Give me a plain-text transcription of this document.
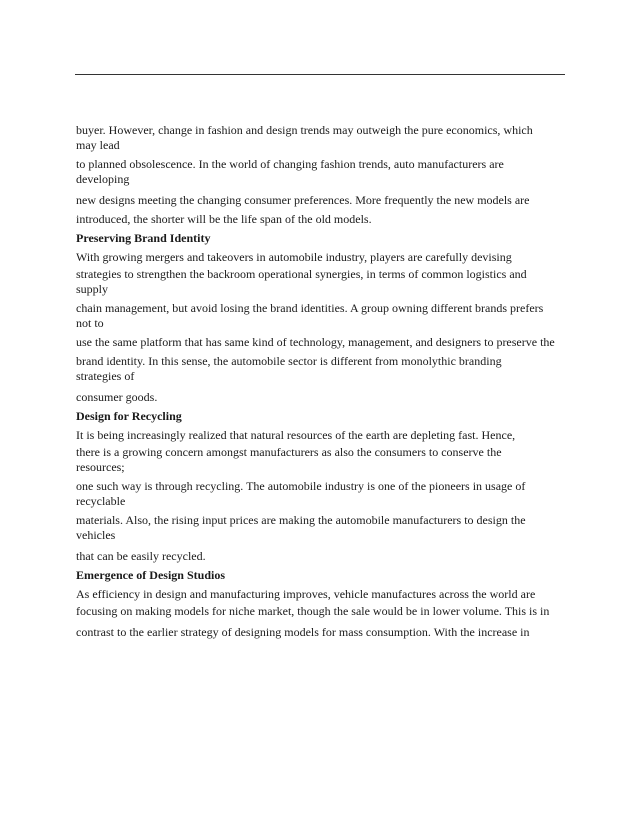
buyer. However, change in fashion and design trends may outweigh the pure economics, which may lead

to planned obsolescence. In the world of changing fashion trends, auto manufacturers are developing

new designs meeting the changing consumer preferences. More frequently the new models are

introduced, the shorter will be the life span of the old models.

Preserving Brand Identity

With growing mergers and takeovers in automobile industry, players are carefully devising

strategies to strengthen the backroom operational synergies, in terms of common logistics and supply

chain management, but avoid losing the brand identities. A group owning different brands prefers not to

use the same platform that has same kind of technology, management, and designers to preserve the

brand identity. In this sense, the automobile sector is different from monolythic branding strategies of

consumer goods.

Design for Recycling

It is being increasingly realized that natural resources of the earth are depleting fast. Hence,

there is a growing concern amongst manufacturers as also the consumers to conserve the resources;

one such way is through recycling. The automobile industry is one of the pioneers in usage of recyclable

materials. Also, the rising input prices are making the automobile manufacturers to design the vehicles

that can be easily recycled.

Emergence of Design Studios

As efficiency in design and manufacturing improves, vehicle manufactures across the world are

focusing on making models for niche market, though the sale would be in lower volume. This is in

contrast to the earlier strategy of designing models for mass consumption. With the increase in
